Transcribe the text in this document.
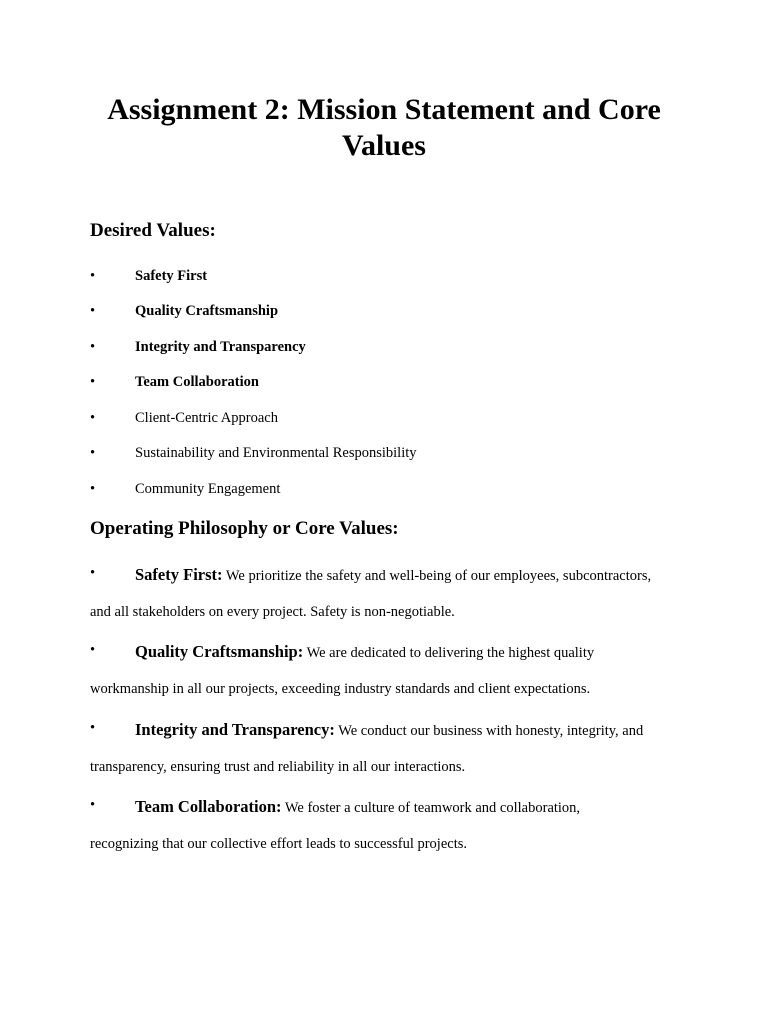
Assignment 2: Mission Statement and Core Values
Desired Values:
•	Safety First
•	Quality Craftsmanship
•	Integrity and Transparency
•	Team Collaboration
•	Client-Centric Approach
•	Sustainability and Environmental Responsibility
•	Community Engagement
Operating Philosophy or Core Values:
• Safety First: We prioritize the safety and well-being of our employees, subcontractors,
and all stakeholders on every project. Safety is non-negotiable.
• Quality Craftsmanship: We are dedicated to delivering the highest quality
workmanship in all our projects, exceeding industry standards and client expectations.
• Integrity and Transparency: We conduct our business with honesty, integrity, and
transparency, ensuring trust and reliability in all our interactions.
• Team Collaboration: We foster a culture of teamwork and collaboration,
recognizing that our collective effort leads to successful projects.
